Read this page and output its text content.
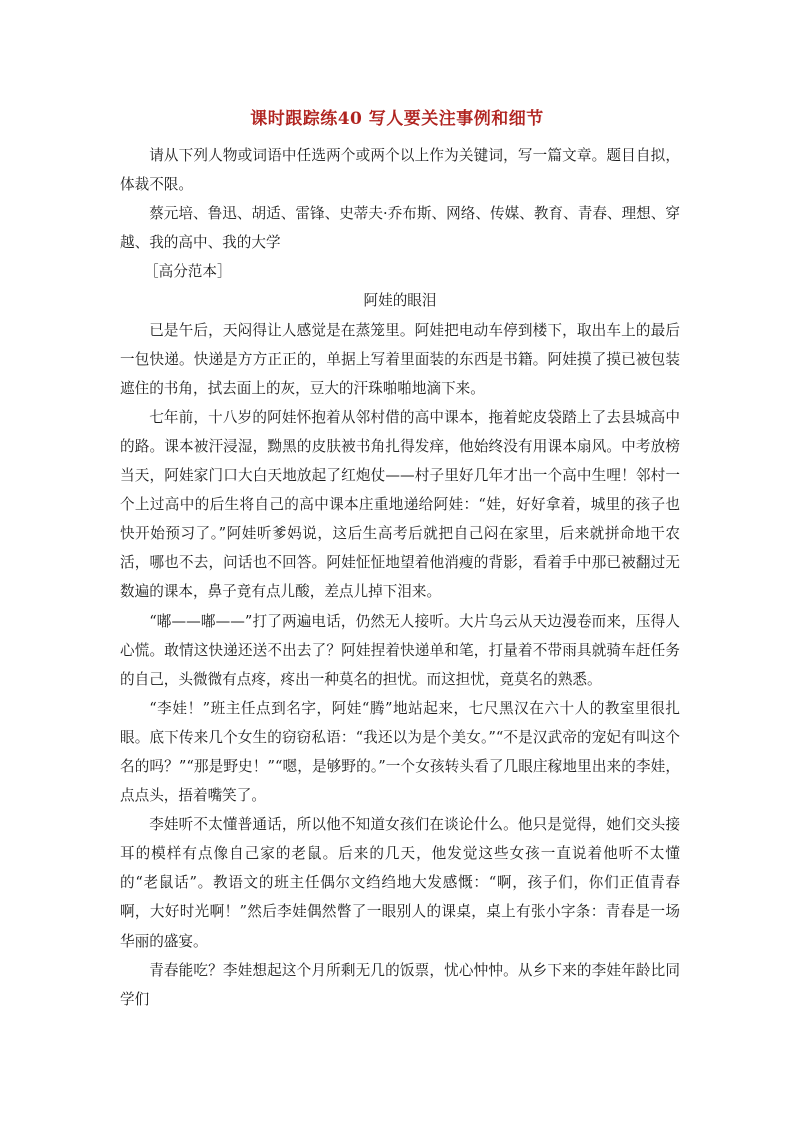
课时跟踪练40 写人要关注事例和细节

请从下列人物或词语中任选两个或两个以上作为关键词，写一篇文章。题目自拟，体裁不限。

蔡元培、鲁迅、胡适、雷锋、史蒂夫·乔布斯、网络、传媒、教育、青春、理想、穿越、我的高中、我的大学

［高分范本］

阿娃的眼泪

已是午后，天闷得让人感觉是在蒸笼里。阿娃把电动车停到楼下，取出车上的最后一包快递。快递是方方正正的，单据上写着里面装的东西是书籍。阿娃摸了摸已被包装遮住的书角，拭去面上的灰，豆大的汗珠啪啪地滴下来。

七年前，十八岁的阿娃怀抱着从邻村借的高中课本，拖着蛇皮袋踏上了去县城高中的路。课本被汗浸湿，黝黑的皮肤被书角扎得发痒，他始终没有用课本扇风。中考放榜当天，阿娃家门口大白天地放起了红炮仗——村子里好几年才出一个高中生哩！邻村一个上过高中的后生将自己的高中课本庄重地递给阿娃：“娃，好好拿着，城里的孩子也快开始预习了。”阿娃听爹妈说，这后生高考后就把自己闷在家里，后来就拼命地干农活，哪也不去，问话也不回答。阿娃怔怔地望着他消瘦的背影，看着手中那已被翻过无数遍的课本，鼻子竟有点儿酸，差点儿掉下泪来。

“嘟——嘟——”打了两遍电话，仍然无人接听。大片乌云从天边漫卷而来，压得人心慌。敢情这快递还送不出去了？阿娃捏着快递单和笔，打量着不带雨具就骑车赶任务的自己，头微微有点疼，疼出一种莫名的担忧。而这担忧，竟莫名的熟悉。

“李娃！”班主任点到名字，阿娃“腾”地站起来，七尺黑汉在六十人的教室里很扎眼。底下传来几个女生的窃窃私语：“我还以为是个美女。”“不是汉武帝的宠妃有叫这个名的吗？”“那是野史！”“嗯，是够野的。”一个女孩转头看了几眼庄稼地里出来的李娃，点点头，捂着嘴笑了。

李娃听不太懂普通话，所以他不知道女孩们在谈论什么。他只是觉得，她们交头接耳的模样有点像自己家的老鼠。后来的几天，他发觉这些女孩一直说着他听不太懂的“老鼠话”。教语文的班主任偶尔文绉绉地大发感慨：“啊，孩子们，你们正值青春啊，大好时光啊！”然后李娃偶然瞥了一眼别人的课桌，桌上有张小字条：青春是一场华丽的盛宴。

青春能吃？李娃想起这个月所剩无几的饭票，忧心忡忡。从乡下来的李娃年龄比同学们
